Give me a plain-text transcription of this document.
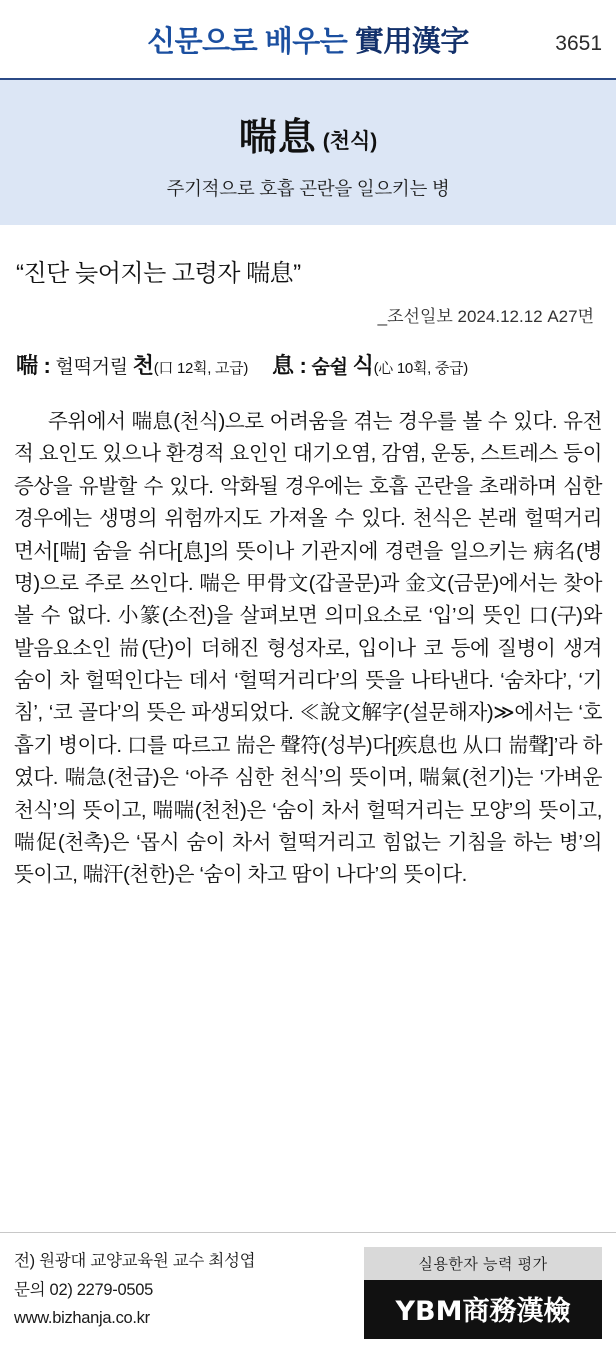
신문으로 배우는 實用漢字	3651
喘息 (천식)
주기적으로 호흡 곤란을 일으키는 병
“진단 늦어지는 고령자 喘息”
_조선일보 2024.12.12 A27면
喘 : 헐떡거릴 천(口 12획, 고급) 息 : 숨쉴 식(心 10획, 중급)
주위에서 喘息(천식)으로 어려움을 겪는 경우를 볼 수 있다. 유전적 요인도 있으나 환경적 요인인 대기오염, 감염, 운동, 스트레스 등이 증상을 유발할 수 있다. 악화될 경우에는 호흡 곤란을 초래하며 심한 경우에는 생명의 위험까지도 가져올 수 있다. 천식은 본래 헐떡거리면서[喘] 숨을 쉬다[息]의 뜻이나 기관지에 경련을 일으키는 病名(병명)으로 주로 쓰인다. 喘은 甲骨文(갑골문)과 金文(금문)에서는 찾아볼 수 없다. 小篆(소전)을 살펴보면 의미요소로 ‘입’의 뜻인 口(구)와 발음요소인 耑(단)이 더해진 형성자로, 입이나 코 등에 질병이 생겨 숨이 차 헐떡인다는 데서 ‘헐떡거리다’의 뜻을 나타낸다. ‘숨차다’, ‘기침’, ‘코 골다’의 뜻은 파생되었다. ≪說文解字(설문해자)≫에서는 ‘호흡기 병이다. 口를 따르고 耑은 聲符(성부)다[疾息也 从口 耑聲]’라 하였다. 喘急(천급)은 ‘아주 심한 천식’의 뜻이며, 喘氣(천기)는 ‘가벼운 천식’의 뜻이고, 喘喘(천천)은 ‘숨이 차서 헐떡거리는 모양’의 뜻이고, 喘促(천촉)은 ‘몹시 숨이 차서 헐떡거리고 힘없는 기침을 하는 병’의 뜻이고, 喘汗(천한)은 ‘숨이 차고 땀이 나다’의 뜻이다.
전) 원광대 교양교육원 교수 최성엽
문의 02) 2279-0505
www.bizhanja.co.kr
실용한자 능력 평가
YBM商務漢檢
